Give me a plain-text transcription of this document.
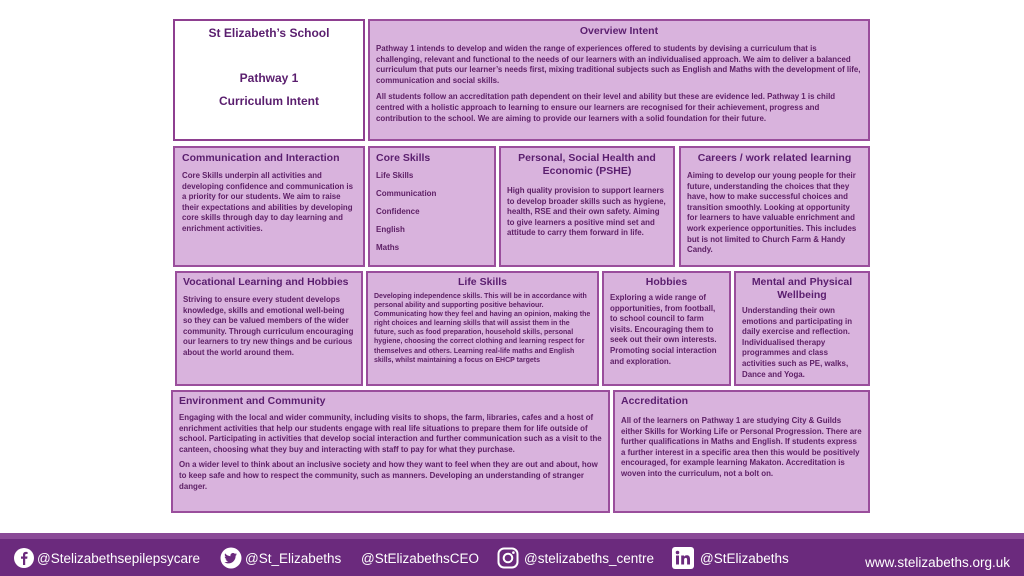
St Elizabeth’s School
Pathway 1
Curriculum Intent
Overview Intent
Pathway 1 intends to develop and widen the range of experiences offered to students by devising a curriculum that is challenging, relevant and functional to the needs of our learners with an individualised approach. We aim to deliver a balanced curriculum that puts our learner’s needs first, mixing traditional subjects such as English and Maths with the development of life, communication and social skills.
All students follow an accreditation path dependent on their level and ability but these are evidence led. Pathway 1 is child centred with a holistic approach to learning to ensure our learners are recognised for their achievement, progress and contribution to the school. We are aiming to provide our learners with a solid foundation for their future.
Communication and Interaction
Core Skills underpin all activities and developing confidence and communication is a priority for our students. We aim to raise their expectations and abilities by developing core skills through day to day learning and enrichment activities.
Core Skills
Life Skills
Communication
Confidence
English
Maths
Personal, Social Health and Economic (PSHE)
High quality provision to support learners to develop broader skills such as hygiene, health, RSE and their own safety. Aiming to give learners a positive mind set and attitude to carry them forward in life.
Careers / work related learning
Aiming to develop our young people for their future, understanding the choices that they have, how to make successful choices and transition smoothly. Looking at opportunity for learners to have valuable enrichment and work experience opportunities. This includes but is not limited to Church Farm & Handy Candy.
Vocational Learning and Hobbies
Striving to ensure every student develops knowledge, skills and emotional well-being so they can be valued members of the wider community. Through curriculum encouraging our learners to try new things and be curious about the world around them.
Life Skills
Developing independence skills. This will be in accordance with personal ability and supporting positive behaviour. Communicating how they feel and having an opinion, making the right choices and learning skills that will assist them in the future, such as food preparation, household skills, personal hygiene, choosing the correct clothing and learning respect for themselves and others. Learning real-life maths and English skills, whilst maintaining a focus on EHCP targets
Hobbies
Exploring a wide range of opportunities, from football, to school council to farm visits. Encouraging them to seek out their own interests. Promoting social interaction and exploration.
Mental and Physical Wellbeing
Understanding their own emotions and participating in daily exercise and reflection. Individualised therapy programmes and class activities such as PE, walks, Dance and Yoga.
Environment and Community
Engaging with the local and wider community, including visits to shops, the farm, libraries, cafes and a host of enrichment activities that help our students engage with real life situations to prepare them for life outside of school. Participating in activities that develop social interaction and further communication such as a visit to the canteen, choosing what they buy and interacting with staff to pay for what they purchase.
On a wider level to think about an inclusive society and how they want to feel when they are out and about, how to keep safe and how to respect the community, such as manners. Developing an understanding of stranger danger.
Accreditation
All of the learners on Pathway 1 are studying City & Guilds either Skills for Working Life or Personal Progression. There are further qualifications in Maths and English. If students express a further interest in a specific area then this would be positively encouraged, for example learning Makaton. Accreditation is woven into the curriculum, not a bolt on.
@Stelizabethsepilepsycare	@St_Elizabeths @StElizabethsCEO	@stelizabeths_centre	@StElizabeths	www.stelizabeths.org.uk
